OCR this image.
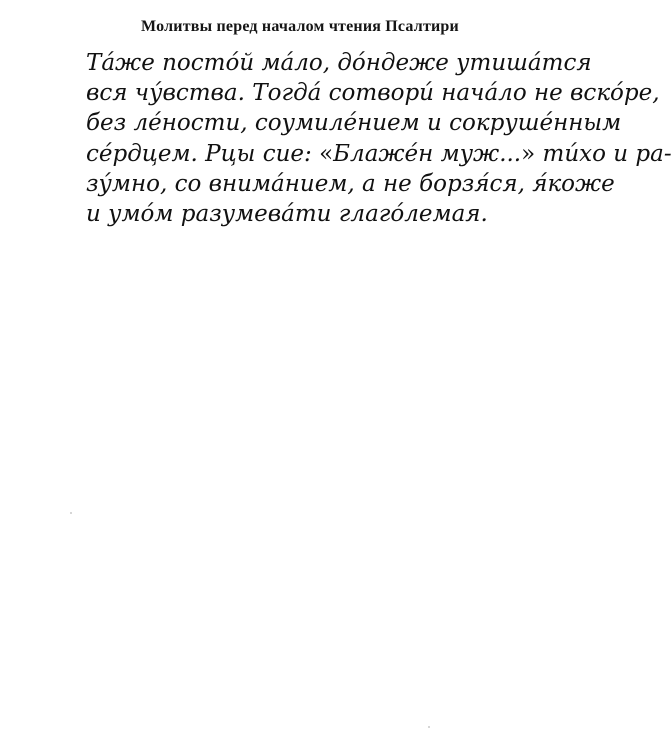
Молитвы перед началом чтения Псалтири
Та́же посто́й ма́ло, до́ндеже утиша́тся
вся чу́вства. Тогда́ сотвори́ нача́ло не вско́ре,
без ле́ности, соумиле́нием и сокруше́нным
се́рдцем. Рцы сие: «Блаже́н муж...» ти́хо и ра-
зу́мно, со внима́нием, а не борзя́ся, я́коже
и умо́м разумева́ти глаго́лемая.
